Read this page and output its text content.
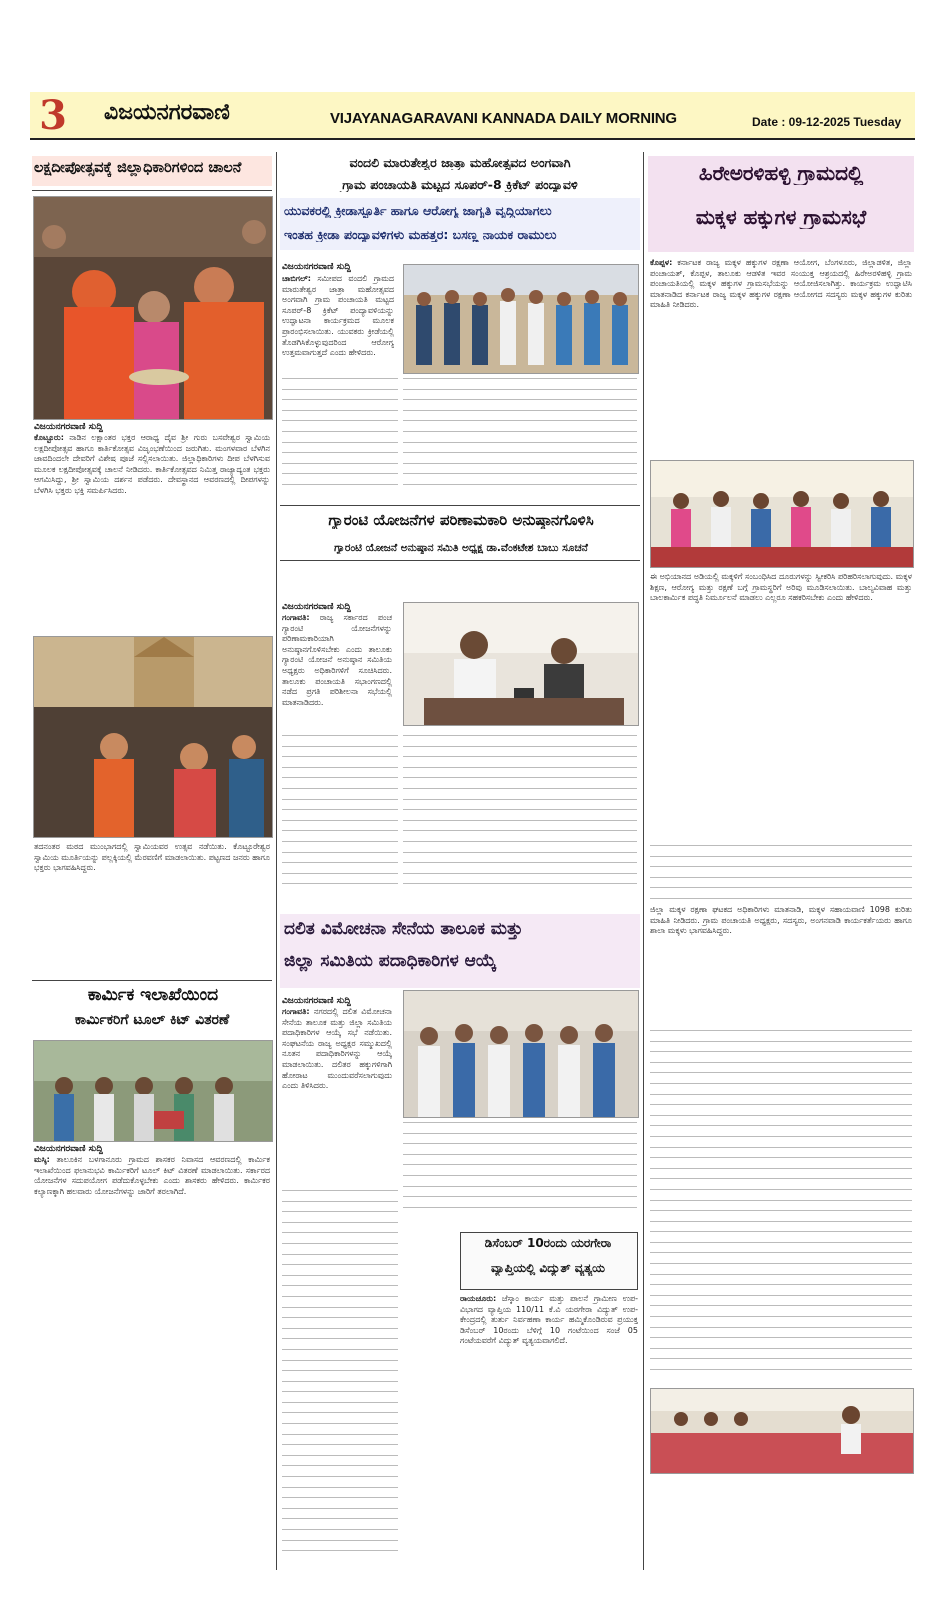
3 ವಿಜಯನಗರವಾಣಿ	VIJAYANAGARAVANI KANNADA DAILY MORNING	Date : 09-12-2025 Tuesday
ಲಕ್ಷದೀಪೋತ್ಸವಕ್ಕೆ ಜಿಲ್ಲಾಧಿಕಾರಿಗಳಿಂದ ಚಾಲನೆ
ವಿಜಯನಗರವಾಣಿ ಸುದ್ದಿ
ಕೊಟ್ಟೂರು: ನಾಡಿನ ಲಕ್ಷಾಂತರ ಭಕ್ತರ ಆರಾಧ್ಯ ದೈವ ಶ್ರೀ ಗುರು ಬಸವೇಶ್ವರ ಸ್ವಾಮಿಯ ಲಕ್ಷದೀಪೋತ್ಸವ ಹಾಗೂ ಕಾರ್ತಿಕೋತ್ಸವ ವಿಜೃಂಭಣೆಯಿಂದ ಜರುಗಿತು. ಮಂಗಳವಾರ ಬೆಳಗಿನ ಜಾವದಿಂದಲೇ ದೇವರಿಗೆ ವಿಶೇಷ ಪೂಜೆ ಸಲ್ಲಿಸಲಾಯಿತು. ಜಿಲ್ಲಾಧಿಕಾರಿಗಳು ದೀಪ ಬೆಳಗಿಸುವ ಮೂಲಕ ಲಕ್ಷದೀಪೋತ್ಸವಕ್ಕೆ ಚಾಲನೆ ನೀಡಿದರು. ಕಾರ್ತಿಕೋತ್ಸವದ ನಿಮಿತ್ತ ರಾಜ್ಯಾದ್ಯಂತ ಭಕ್ತರು ಆಗಮಿಸಿದ್ದು, ಶ್ರೀ ಸ್ವಾಮಿಯ ದರ್ಶನ ಪಡೆದರು. ದೇವಸ್ಥಾನದ ಆವರಣದಲ್ಲಿ ದೀಪಗಳನ್ನು ಬೆಳಗಿಸಿ ಭಕ್ತರು ಭಕ್ತಿ ಸಮರ್ಪಿಸಿದರು.
ತದನಂತರ ಮಠದ ಮುಂಭಾಗದಲ್ಲಿ ಸ್ವಾಮಿಯವರ ಉತ್ಸವ ನಡೆಯಿತು. ಕೊಟ್ಟೂರೇಶ್ವರ ಸ್ವಾಮಿಯ ಮೂರ್ತಿಯನ್ನು ಪಲ್ಲಕ್ಕಿಯಲ್ಲಿ ಮೆರವಣಿಗೆ ಮಾಡಲಾಯಿತು. ಪಟ್ಟಣದ ಜನರು ಹಾಗೂ ಭಕ್ತರು ಭಾಗವಹಿಸಿದ್ದರು.
ಕಾರ್ಮಿಕ ಇಲಾಖೆಯಿಂದ
ಕಾರ್ಮಿಕರಿಗೆ ಟೂಲ್ ಕಿಟ್ ವಿತರಣೆ
ವಿಜಯನಗರವಾಣಿ ಸುದ್ದಿ
ಮಸ್ಕಿ: ತಾಲೂಕಿನ ಬಳಗಾನೂರು ಗ್ರಾಮದ ಶಾಸಕರ ನಿವಾಸದ ಆವರಣದಲ್ಲಿ ಕಾರ್ಮಿಕ ಇಲಾಖೆಯಿಂದ ಫಲಾನುಭವಿ ಕಾರ್ಮಿಕರಿಗೆ ಟೂಲ್ ಕಿಟ್ ವಿತರಣೆ ಮಾಡಲಾಯಿತು. ಸರ್ಕಾರದ ಯೋಜನೆಗಳ ಸದುಪಯೋಗ ಪಡೆದುಕೊಳ್ಳಬೇಕು ಎಂದು ಶಾಸಕರು ಹೇಳಿದರು. ಕಾರ್ಮಿಕರ ಕಲ್ಯಾಣಕ್ಕಾಗಿ ಹಲವಾರು ಯೋಜನೆಗಳನ್ನು ಜಾರಿಗೆ ತರಲಾಗಿದೆ.
ವಂದಲಿ ಮಾರುತೇಶ್ವರ ಜಾತ್ರಾ ಮಹೋತ್ಸವದ ಅಂಗವಾಗಿ
ಗ್ರಾಮ ಪಂಚಾಯತಿ ಮಟ್ಟದ ಸೂಪರ್-8 ಕ್ರಿಕೆಟ್ ಪಂದ್ಯಾವಳಿ
ಯುವಕರಲ್ಲಿ ಕ್ರೀಡಾಸ್ಫೂರ್ತಿ ಹಾಗೂ ಆರೋಗ್ಯ ಜಾಗೃತಿ ವೃದ್ಧಿಯಾಗಲು
ಇಂತಹ ಕ್ರೀಡಾ ಪಂದ್ಯಾವಳಿಗಳು ಮಹತ್ತರ: ಬಸಣ್ಣ ನಾಯಕ ರಾಮುಲು
ವಿಜಯನಗರವಾಣಿ ಸುದ್ದಿ
ಚಾಬಿಗಲ್: ಸಮೀಪದ ವಂದಲಿ ಗ್ರಾಮದ ಮಾರುತೇಶ್ವರ ಜಾತ್ರಾ ಮಹೋತ್ಸವದ ಅಂಗವಾಗಿ ಗ್ರಾಮ ಪಂಚಾಯತಿ ಮಟ್ಟದ ಸೂಪರ್-8 ಕ್ರಿಕೆಟ್ ಪಂದ್ಯಾವಳಿಯನ್ನು ಉದ್ಘಾಟನಾ ಕಾರ್ಯಕ್ರಮದ ಮೂಲಕ ಪ್ರಾರಂಭಿಸಲಾಯಿತು. ಯುವಕರು ಕ್ರೀಡೆಯಲ್ಲಿ ತೊಡಗಿಸಿಕೊಳ್ಳುವುದರಿಂದ ಆರೋಗ್ಯ ಉತ್ತಮವಾಗುತ್ತದೆ ಎಂದು ಹೇಳಿದರು.
ಗ್ಯಾರಂಟಿ ಯೋಜನೆಗಳ ಪರಿಣಾಮಕಾರಿ ಅನುಷ್ಠಾನಗೊಳಿಸಿ
ಗ್ಯಾರಂಟಿ ಯೋಜನೆ ಅನುಷ್ಠಾನ ಸಮಿತಿ ಅಧ್ಯಕ್ಷ ಡಾ.ವೆಂಕಟೇಶ ಬಾಬು ಸೂಚನೆ
ವಿಜಯನಗರವಾಣಿ ಸುದ್ದಿ
ಗಂಗಾವತಿ: ರಾಜ್ಯ ಸರ್ಕಾರದ ಪಂಚ ಗ್ಯಾರಂಟಿ ಯೋಜನೆಗಳನ್ನು ಪರಿಣಾಮಕಾರಿಯಾಗಿ ಅನುಷ್ಠಾನಗೊಳಿಸಬೇಕು ಎಂದು ತಾಲೂಕು ಗ್ಯಾರಂಟಿ ಯೋಜನೆ ಅನುಷ್ಠಾನ ಸಮಿತಿಯ ಅಧ್ಯಕ್ಷರು ಅಧಿಕಾರಿಗಳಿಗೆ ಸೂಚಿಸಿದರು. ತಾಲೂಕು ಪಂಚಾಯತಿ ಸಭಾಂಗಣದಲ್ಲಿ ನಡೆದ ಪ್ರಗತಿ ಪರಿಶೀಲನಾ ಸಭೆಯಲ್ಲಿ ಮಾತನಾಡಿದರು.
ದಲಿತ ವಿಮೋಚನಾ ಸೇನೆಯ ತಾಲೂಕ ಮತ್ತು
ಜಿಲ್ಲಾ ಸಮಿತಿಯ ಪದಾಧಿಕಾರಿಗಳ ಆಯ್ಕೆ
ವಿಜಯನಗರವಾಣಿ ಸುದ್ದಿ
ಗಂಗಾವತಿ: ನಗರದಲ್ಲಿ ದಲಿತ ವಿಮೋಚನಾ ಸೇನೆಯ ತಾಲೂಕ ಮತ್ತು ಜಿಲ್ಲಾ ಸಮಿತಿಯ ಪದಾಧಿಕಾರಿಗಳ ಆಯ್ಕೆ ಸಭೆ ನಡೆಯಿತು. ಸಂಘಟನೆಯ ರಾಜ್ಯ ಅಧ್ಯಕ್ಷರ ಸಮ್ಮುಖದಲ್ಲಿ ನೂತನ ಪದಾಧಿಕಾರಿಗಳನ್ನು ಆಯ್ಕೆ ಮಾಡಲಾಯಿತು. ದಲಿತರ ಹಕ್ಕುಗಳಿಗಾಗಿ ಹೋರಾಟ ಮುಂದುವರೆಸಲಾಗುವುದು ಎಂದು ತಿಳಿಸಿದರು.
ಡಿಸೆಂಬರ್ 10ರಂದು ಯರಗೇರಾ
ವ್ಯಾಪ್ತಿಯಲ್ಲಿ ವಿದ್ಯುತ್ ವ್ಯತ್ಯಯ
ರಾಯಚೂರು: ಜೆಸ್ಕಾಂ ಕಾರ್ಯ ಮತ್ತು ಪಾಲನೆ ಗ್ರಾಮೀಣ ಉಪ-ವಿಭಾಗದ ವ್ಯಾಪ್ತಿಯ 110/11 ಕೆ.ವಿ ಯರಗೇರಾ ವಿದ್ಯುತ್ ಉಪ-ಕೇಂದ್ರದಲ್ಲಿ ತುರ್ತು ನಿರ್ವಹಣಾ ಕಾರ್ಯ ಹಮ್ಮಿಕೊಂಡಿರುವ ಪ್ರಯುಕ್ತ ಡಿಸೆಂಬರ್ 10ರಂದು ಬೆಳಿಗ್ಗೆ 10 ಗಂಟೆಯಿಂದ ಸಂಜೆ 05 ಗಂಟೆಯವರೆಗೆ ವಿದ್ಯುತ್ ವ್ಯತ್ಯಯವಾಗಲಿದೆ.
ಹಿರೇಅರಳಿಹಳ್ಳಿ ಗ್ರಾಮದಲ್ಲಿ
ಮಕ್ಕಳ ಹಕ್ಕುಗಳ ಗ್ರಾಮಸಭೆ
ಕೊಪ್ಪಳ: ಕರ್ನಾಟಕ ರಾಜ್ಯ ಮಕ್ಕಳ ಹಕ್ಕುಗಳ ರಕ್ಷಣಾ ಆಯೋಗ, ಬೆಂಗಳೂರು, ಜಿಲ್ಲಾಡಳಿತ, ಜಿಲ್ಲಾ ಪಂಚಾಯತ್, ಕೊಪ್ಪಳ, ತಾಲೂಕು ಆಡಳಿತ ಇವರ ಸಂಯುಕ್ತ ಆಶ್ರಯದಲ್ಲಿ ಹಿರೇಅರಳಿಹಳ್ಳಿ ಗ್ರಾಮ ಪಂಚಾಯತಿಯಲ್ಲಿ ಮಕ್ಕಳ ಹಕ್ಕುಗಳ ಗ್ರಾಮಸಭೆಯನ್ನು ಆಯೋಜಿಸಲಾಗಿತ್ತು. ಕಾರ್ಯಕ್ರಮ ಉದ್ಘಾಟಿಸಿ ಮಾತನಾಡಿದ ಕರ್ನಾಟಕ ರಾಜ್ಯ ಮಕ್ಕಳ ಹಕ್ಕುಗಳ ರಕ್ಷಣಾ ಆಯೋಗದ ಸದಸ್ಯರು ಮಕ್ಕಳ ಹಕ್ಕುಗಳ ಕುರಿತು ಮಾಹಿತಿ ನೀಡಿದರು.
ಈ ಅಭಿಯಾನದ ಅಡಿಯಲ್ಲಿ ಮಕ್ಕಳಿಗೆ ಸಂಬಂಧಿಸಿದ ದೂರುಗಳನ್ನು ಸ್ವೀಕರಿಸಿ ಪರಿಹರಿಸಲಾಗುವುದು. ಮಕ್ಕಳ ಶಿಕ್ಷಣ, ಆರೋಗ್ಯ ಮತ್ತು ರಕ್ಷಣೆ ಬಗ್ಗೆ ಗ್ರಾಮಸ್ಥರಿಗೆ ಅರಿವು ಮೂಡಿಸಲಾಯಿತು. ಬಾಲ್ಯವಿವಾಹ ಮತ್ತು ಬಾಲಕಾರ್ಮಿಕ ಪದ್ಧತಿ ನಿರ್ಮೂಲನೆ ಮಾಡಲು ಎಲ್ಲರೂ ಸಹಕರಿಸಬೇಕು ಎಂದು ಹೇಳಿದರು.
ಜಿಲ್ಲಾ ಮಕ್ಕಳ ರಕ್ಷಣಾ ಘಟಕದ ಅಧಿಕಾರಿಗಳು ಮಾತನಾಡಿ, ಮಕ್ಕಳ ಸಹಾಯವಾಣಿ 1098 ಕುರಿತು ಮಾಹಿತಿ ನೀಡಿದರು. ಗ್ರಾಮ ಪಂಚಾಯತಿ ಅಧ್ಯಕ್ಷರು, ಸದಸ್ಯರು, ಅಂಗನವಾಡಿ ಕಾರ್ಯಕರ್ತೆಯರು ಹಾಗೂ ಶಾಲಾ ಮಕ್ಕಳು ಭಾಗವಹಿಸಿದ್ದರು.
